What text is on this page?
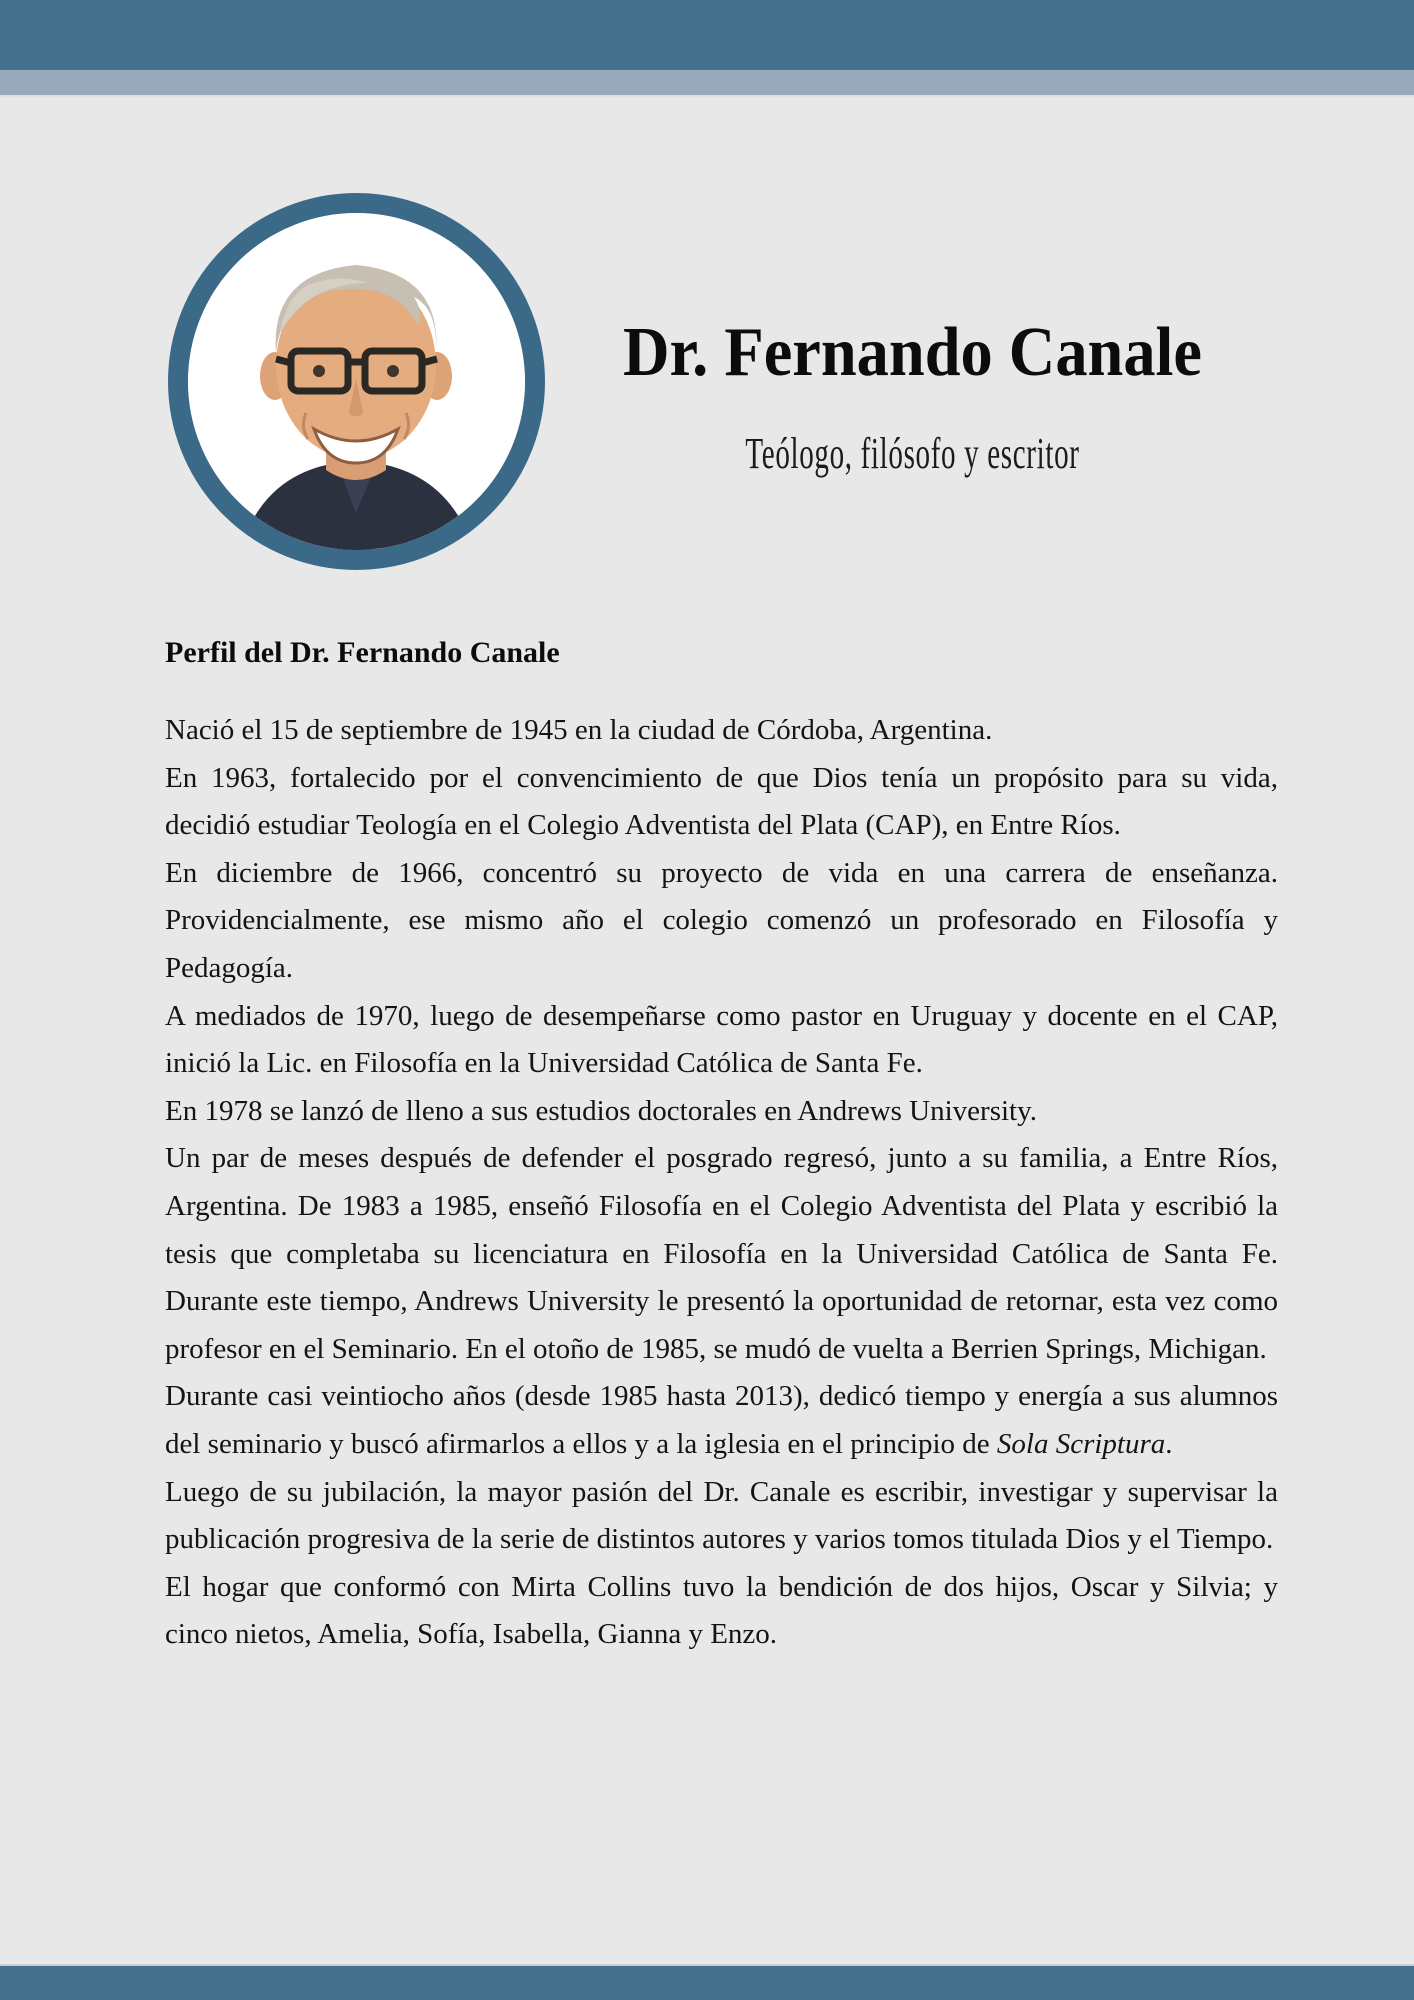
Dr. Fernando Canale
Teólogo, filósofo y escritor
Perfil del Dr. Fernando Canale

Nació el 15 de septiembre de 1945 en la ciudad de Córdoba, Argentina.

En 1963, fortalecido por el convencimiento de que Dios tenía un propósito para su vida, decidió estudiar Teología en el Colegio Adventista del Plata (CAP), en Entre Ríos.

En diciembre de 1966, concentró su proyecto de vida en una carrera de enseñanza. Providencialmente, ese mismo año el colegio comenzó un profesorado en Filosofía y Pedagogía.

A mediados de 1970, luego de desempeñarse como pastor en Uruguay y docente en el CAP, inició la Lic. en Filosofía en la Universidad Católica de Santa Fe.

En 1978 se lanzó de lleno a sus estudios doctorales en Andrews University.

Un par de meses después de defender el posgrado regresó, junto a su familia, a Entre Ríos, Argentina. De 1983 a 1985, enseñó Filosofía en el Colegio Adventista del Plata y escribió la tesis que completaba su licenciatura en Filosofía en la Universidad Católica de Santa Fe. Durante este tiempo, Andrews University le presentó la oportunidad de retornar, esta vez como profesor en el Seminario. En el otoño de 1985, se mudó de vuelta a Berrien Springs, Michigan.

Durante casi veintiocho años (desde 1985 hasta 2013), dedicó tiempo y energía a sus alumnos del seminario y buscó afirmarlos a ellos y a la iglesia en el principio de Sola Scriptura.

Luego de su jubilación, la mayor pasión del Dr. Canale es escribir, investigar y supervisar la publicación progresiva de la serie de distintos autores y varios tomos titulada Dios y el Tiempo.

El hogar que conformó con Mirta Collins tuvo la bendición de dos hijos, Oscar y Silvia; y cinco nietos, Amelia, Sofía, Isabella, Gianna y Enzo.
